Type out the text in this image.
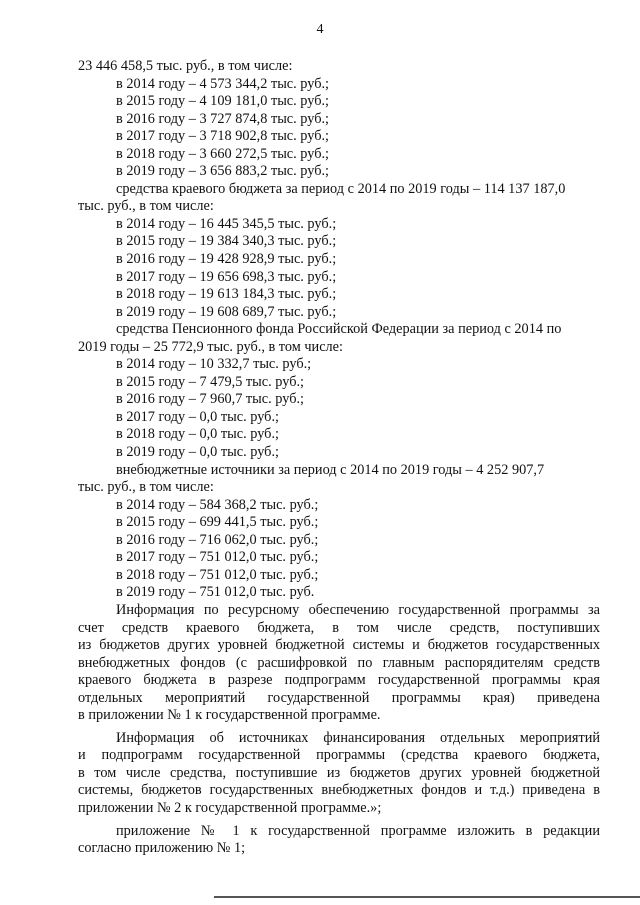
4
23 446 458,5 тыс. руб., в том числе:
в 2014 году – 4 573 344,2 тыс. руб.;
в 2015 году – 4 109 181,0 тыс. руб.;
в 2016 году – 3 727 874,8 тыс. руб.;
в 2017 году – 3 718 902,8 тыс. руб.;
в 2018 году – 3 660 272,5 тыс. руб.;
в 2019 году – 3 656 883,2 тыс. руб.;
средства краевого бюджета за период с 2014 по 2019 годы – 114 137 187,0
тыс. руб., в том числе:
в 2014 году – 16 445 345,5 тыс. руб.;
в 2015 году – 19 384 340,3 тыс. руб.;
в 2016 году – 19 428 928,9 тыс. руб.;
в 2017 году – 19 656 698,3 тыс. руб.;
в 2018 году – 19 613 184,3 тыс. руб.;
в 2019 году – 19 608 689,7 тыс. руб.;
средства Пенсионного фонда Российской Федерации за период с 2014 по
2019 годы – 25 772,9 тыс. руб., в том числе:
в 2014 году – 10 332,7 тыс. руб.;
в 2015 году – 7 479,5 тыс. руб.;
в 2016 году – 7 960,7 тыс. руб.;
в 2017 году – 0,0 тыс. руб.;
в 2018 году – 0,0 тыс. руб.;
в 2019 году – 0,0 тыс. руб.;
внебюджетные источники за период с 2014 по 2019 годы – 4 252 907,7
тыс. руб., в том числе:
в 2014 году – 584 368,2 тыс. руб.;
в 2015 году – 699 441,5 тыс. руб.;
в 2016 году – 716 062,0 тыс. руб.;
в 2017 году – 751 012,0 тыс. руб.;
в 2018 году – 751 012,0 тыс. руб.;
в 2019 году – 751 012,0 тыс. руб.
Информация по ресурсному обеспечению государственной программы за
счет средств краевого бюджета, в том числе средств, поступивших
из бюджетов других уровней бюджетной системы и бюджетов государственных
внебюджетных фондов (с расшифровкой по главным распорядителям средств
краевого бюджета в разрезе подпрограмм государственной программы края
отдельных мероприятий государственной программы края) приведена
в приложении № 1 к государственной программе.
Информация об источниках финансирования отдельных мероприятий
и подпрограмм государственной программы (средства краевого бюджета,
в том числе средства, поступившие из бюджетов других уровней бюджетной
системы, бюджетов государственных внебюджетных фондов и т.д.) приведена в
приложении № 2 к государственной программе.»;
приложение № 1 к государственной программе изложить в редакции
согласно приложению № 1;
